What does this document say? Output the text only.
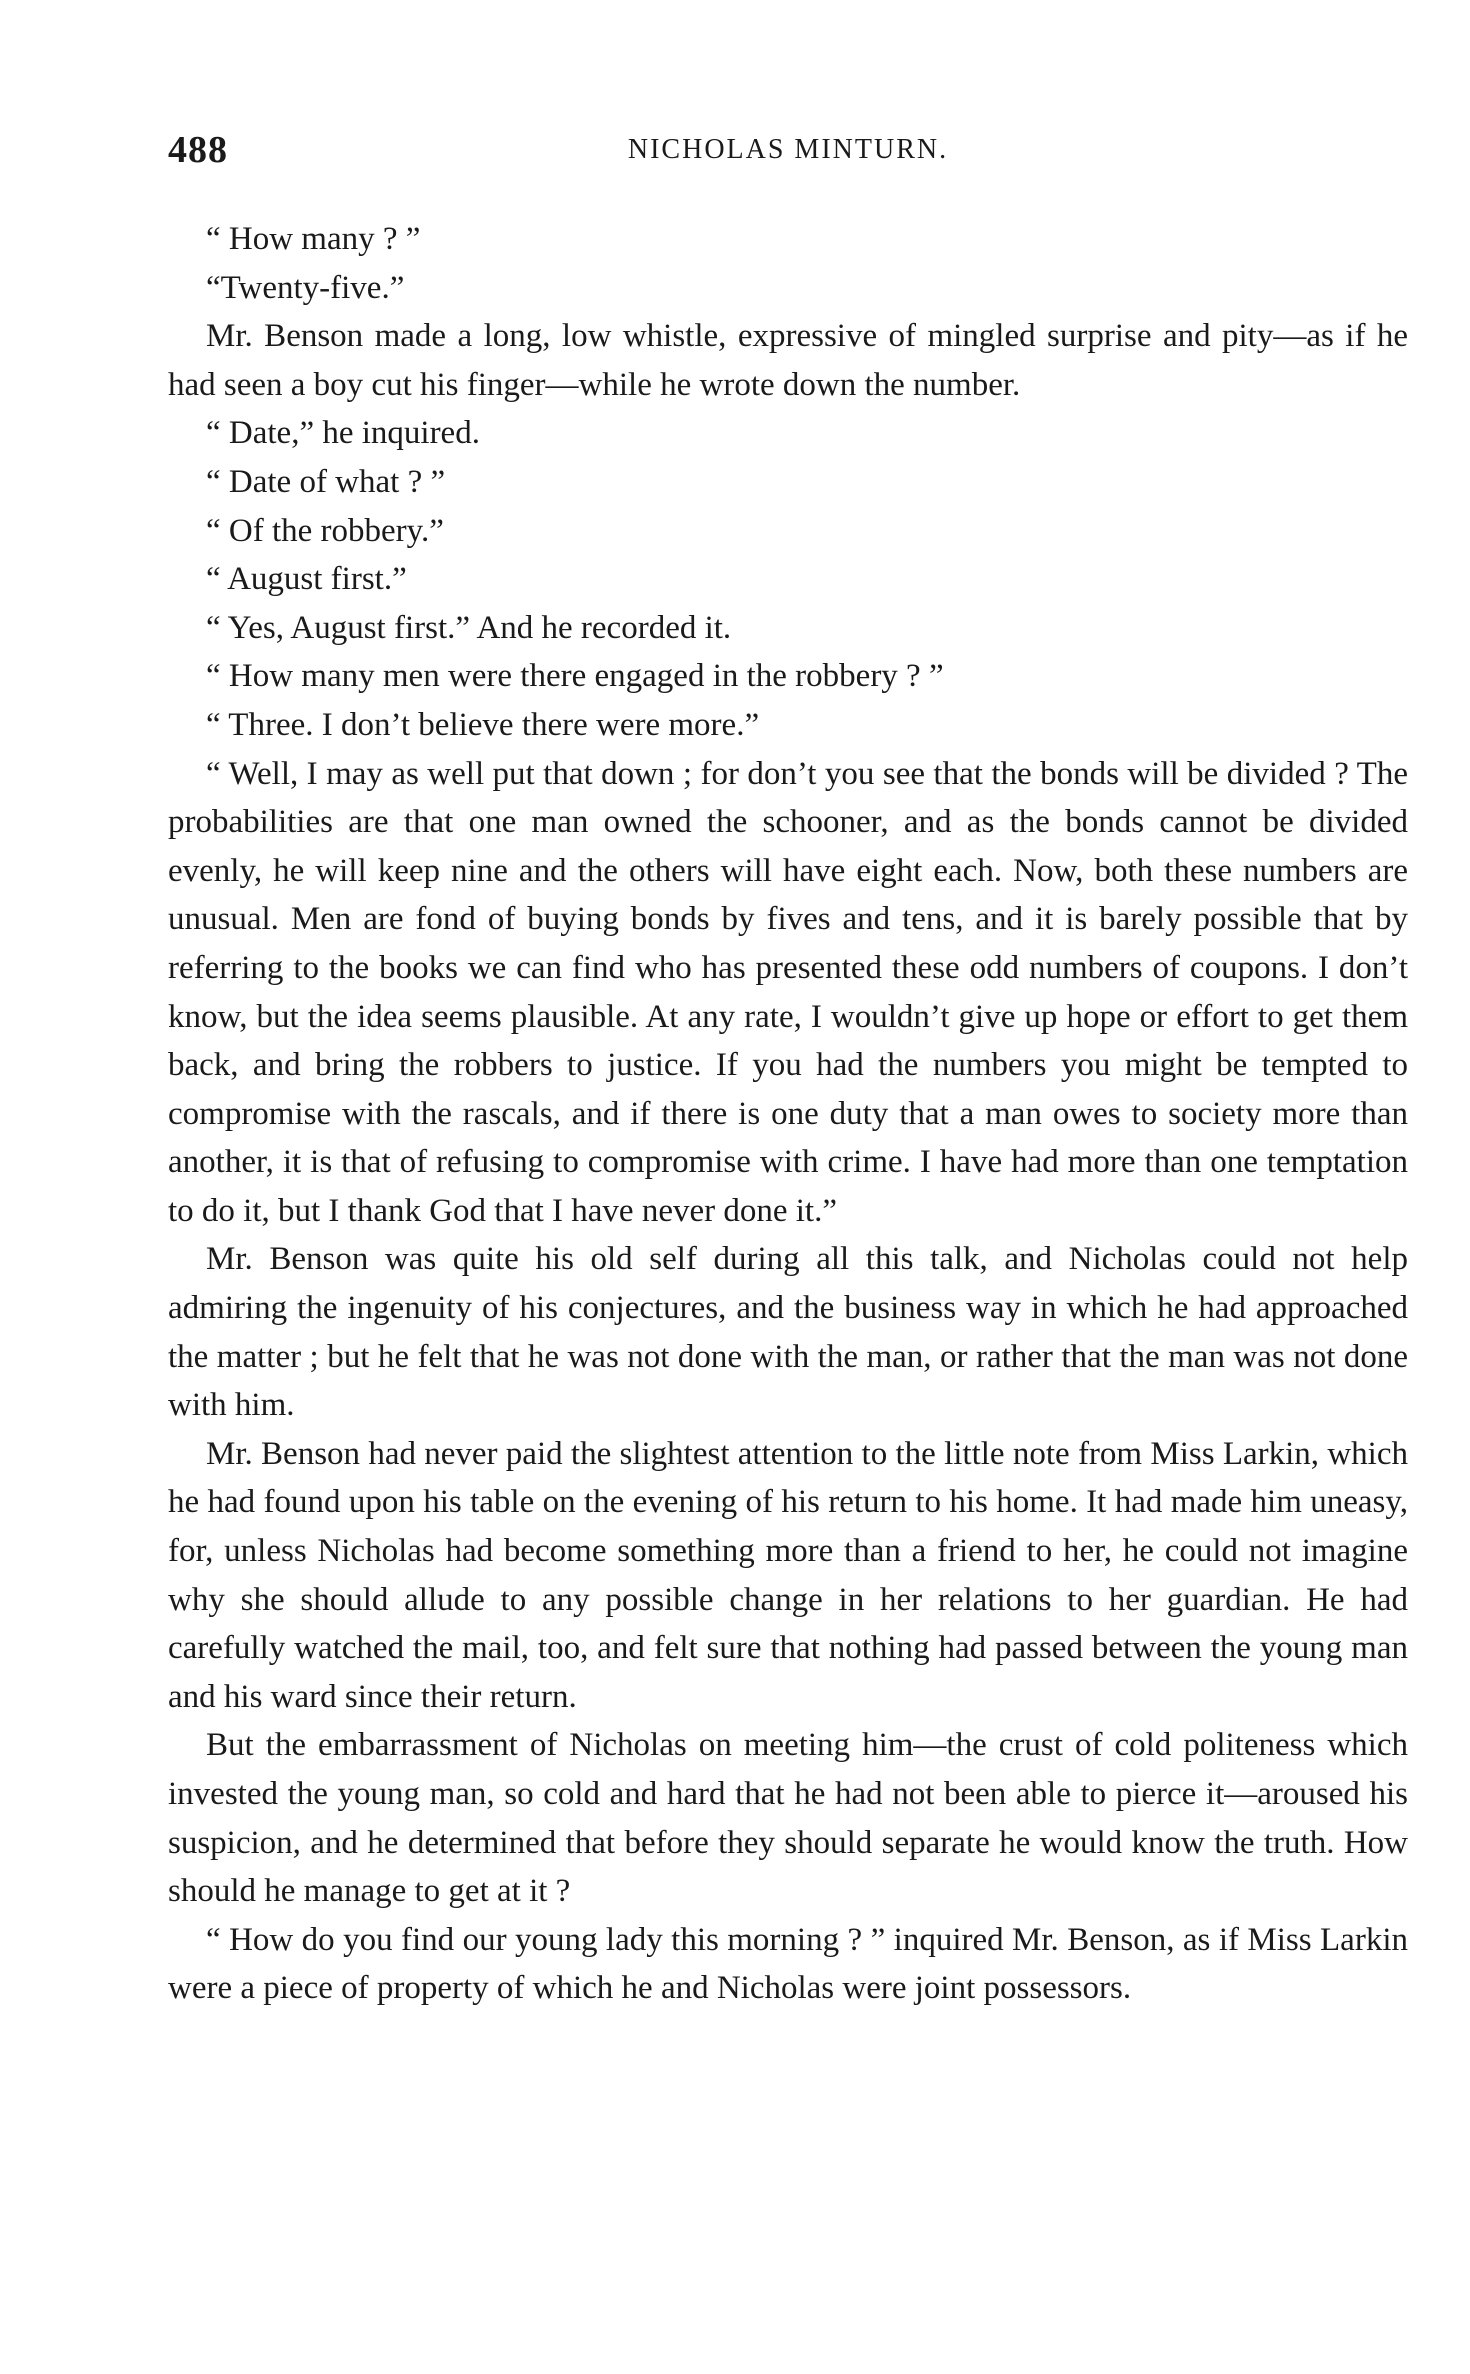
488	NICHOLAS MINTURN.

“ How many ? ”

“Twenty-five.”

Mr. Benson made a long, low whistle, expressive of mingled surprise and pity—as if he had seen a boy cut his finger—while he wrote down the number.

“ Date,” he inquired.

“ Date of what ? ”

“ Of the robbery.”

“ August first.”

“ Yes, August first.” And he recorded it.

“ How many men were there engaged in the robbery ? ”

“ Three. I don’t believe there were more.”

“ Well, I may as well put that down ; for don’t you see that the bonds will be divided ? The probabilities are that one man owned the schooner, and as the bonds cannot be divided evenly, he will keep nine and the others will have eight each. Now, both these numbers are unusual. Men are fond of buying bonds by fives and tens, and it is barely possible that by referring to the books we can find who has presented these odd numbers of coupons. I don’t know, but the idea seems plausible. At any rate, I wouldn’t give up hope or effort to get them back, and bring the robbers to justice. If you had the numbers you might be tempted to compromise with the rascals, and if there is one duty that a man owes to society more than another, it is that of refusing to compromise with crime. I have had more than one temptation to do it, but I thank God that I have never done it.”

Mr. Benson was quite his old self during all this talk, and Nicholas could not help admiring the ingenuity of his conjectures, and the business way in which he had approached the matter ; but he felt that he was not done with the man, or rather that the man was not done with him.

Mr. Benson had never paid the slightest attention to the little note from Miss Larkin, which he had found upon his table on the evening of his return to his home. It had made him uneasy, for, unless Nicholas had become something more than a friend to her, he could not imagine why she should allude to any possible change in her relations to her guardian. He had carefully watched the mail, too, and felt sure that nothing had passed between the young man and his ward since their return.

But the embarrassment of Nicholas on meeting him—the crust of cold politeness which invested the young man, so cold and hard that he had not been able to pierce it—aroused his suspicion, and he determined that before they should separate he would know the truth. How should he manage to get at it ?

“ How do you find our young lady this morning ? ” inquired Mr. Benson, as if Miss Larkin were a piece of property of which he and Nicholas were joint possessors.
